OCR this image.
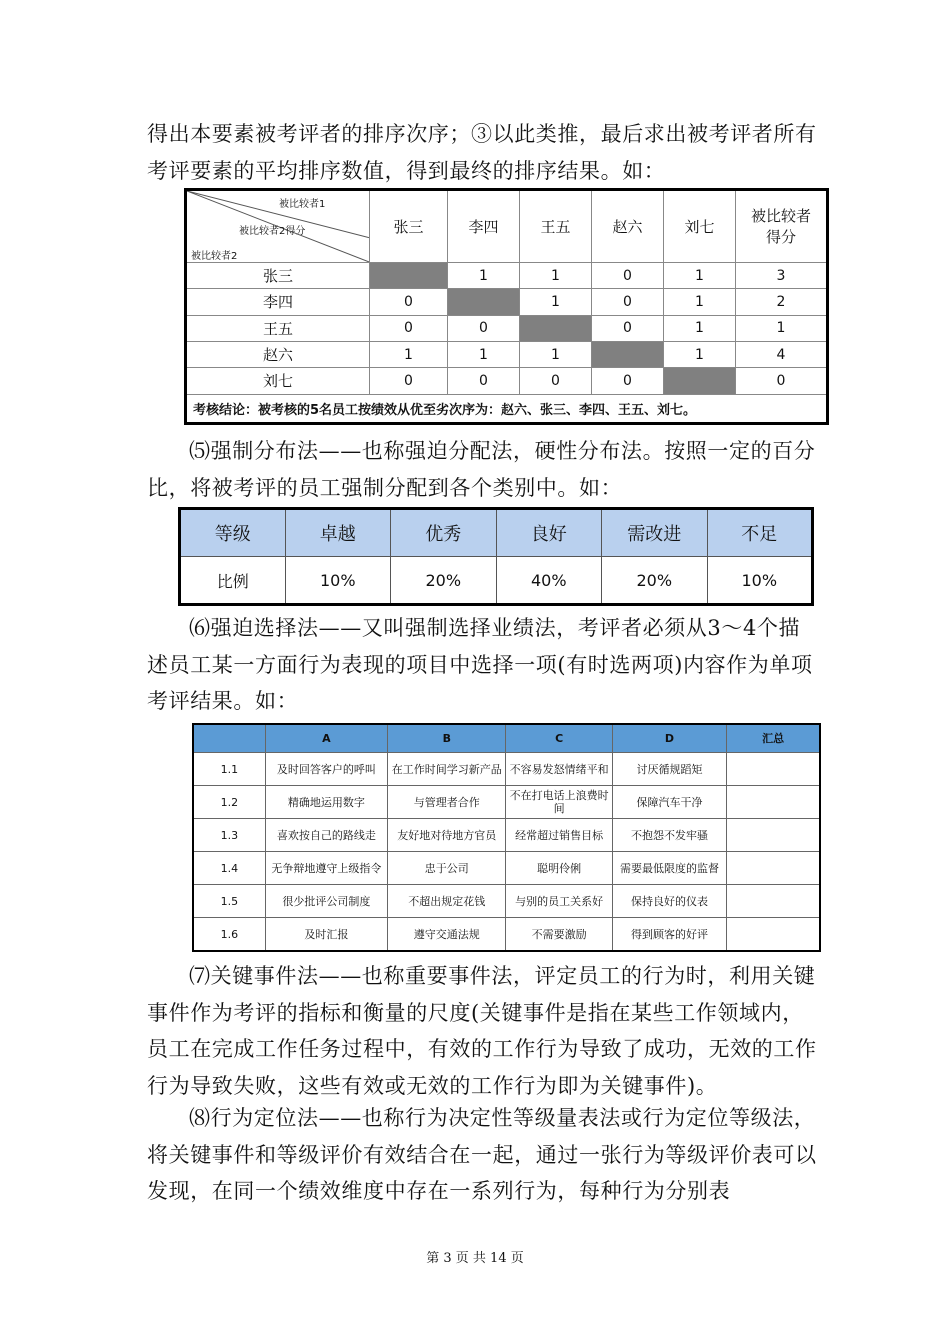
得出本要素被考评者的排序次序；③以此类推，最后求出被考评者所有考评要素的平均排序数值，得到最终的排序结果。如：

被比较者1
被比较者2得分
被比较者2	张三	李四	王五	赵六	刘七	被比较者得分
张三		1	1	0	1	3
李四	0		1	0	1	2
王五	0	0		0	1	1
赵六	1	1	1		1	4
刘七	0	0	0	0		0
考核结论：被考核的5名员工按绩效从优至劣次序为：赵六、张三、李四、王五、刘七。						

⑸强制分布法——也称强迫分配法，硬性分布法。按照一定的百分比，将被考评的员工强制分配到各个类别中。如：

等级	卓越	优秀	良好	需改进	不足
比例	10%	20%	40%	20%	10%

⑹强迫选择法——又叫强制选择业绩法，考评者必须从3～4个描述员工某一方面行为表现的项目中选择一项(有时选两项)内容作为单项考评结果。如：

	A	B	C	D	汇总
1.1	及时回答客户的呼叫	在工作时间学习新产品	不容易发怒情绪平和	讨厌循规蹈矩	
1.2	精确地运用数字	与管理者合作	不在打电话上浪费时间	保障汽车干净	
1.3	喜欢按自己的路线走	友好地对待地方官员	经常超过销售目标	不抱怨不发牢骚	
1.4	无争辩地遵守上级指令	忠于公司	聪明伶俐	需要最低限度的监督	
1.5	很少批评公司制度	不超出规定花钱	与别的员工关系好	保持良好的仪表	
1.6	及时汇报	遵守交通法规	不需要激励	得到顾客的好评	

⑺关键事件法——也称重要事件法，评定员工的行为时，利用关键事件作为考评的指标和衡量的尺度(关键事件是指在某些工作领域内，员工在完成工作任务过程中，有效的工作行为导致了成功，无效的工作行为导致失败，这些有效或无效的工作行为即为关键事件)。

⑻行为定位法——也称行为决定性等级量表法或行为定位等级法，将关键事件和等级评价有效结合在一起，通过一张行为等级评价表可以发现，在同一个绩效维度中存在一系列行为，每种行为分别表

第 3 页 共 14 页
